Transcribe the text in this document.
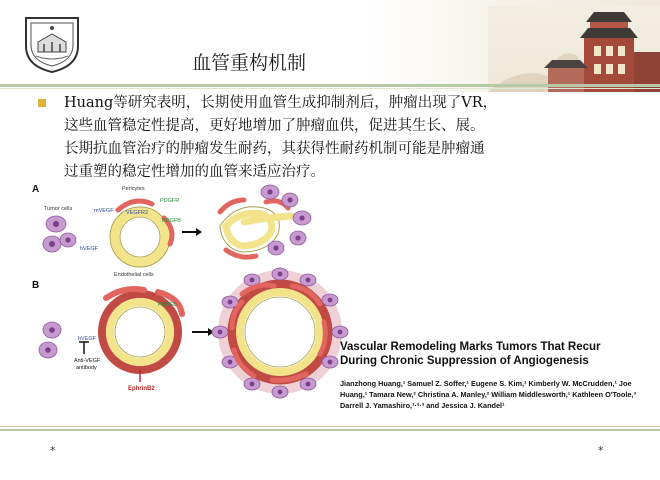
血管重构机制
Huang等研究表明，长期使用血管生成抑制剂后，肿瘤出现了VR，
这些血管稳定性提高，更好地增加了肿瘤血供，促进其生长、展。
长期抗血管治疗的肿瘤发生耐药，其获得性耐药机制可能是肿瘤通
过重塑的稳定性增加的血管来适应治疗。
A
Tumor cells	mVEGF
hVEGF
Pericytes
VEGFR2
PDGFR
PDGFB
Endothelial cells
B
hVEGF
Anti-VEGF
antibody
PDGFB
EphrinB2
Vascular Remodeling Marks Tumors That Recur During Chronic Suppression of Angiogenesis
Jianzhong Huang,¹ Samuel Z. Soffer,¹ Eugene S. Kim,¹ Kimberly W. McCrudden,¹ Joe Huang,¹ Tamara New,² Christina A. Manley,² William Middlesworth,¹ Kathleen O'Toole,³ Darrell J. Yamashiro,¹·²·³ and Jessica J. Kandel¹
*	*
